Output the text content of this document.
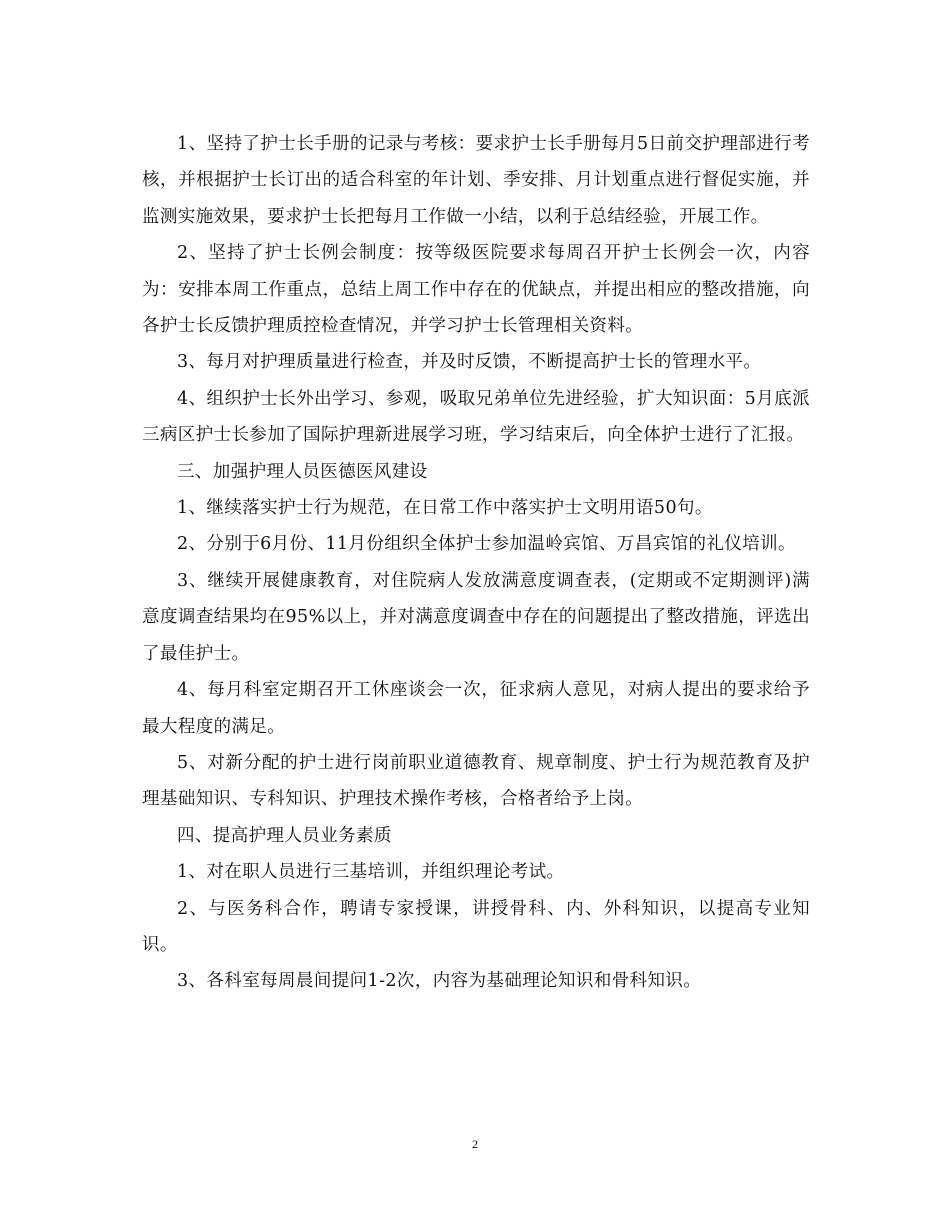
1、坚持了护士长手册的记录与考核：要求护士长手册每月5日前交护理部进行考核，并根据护士长订出的适合科室的年计划、季安排、月计划重点进行督促实施，并监测实施效果，要求护士长把每月工作做一小结，以利于总结经验，开展工作。

2、坚持了护士长例会制度：按等级医院要求每周召开护士长例会一次，内容为：安排本周工作重点，总结上周工作中存在的优缺点，并提出相应的整改措施，向各护士长反馈护理质控检查情况，并学习护士长管理相关资料。

3、每月对护理质量进行检查，并及时反馈，不断提高护士长的管理水平。

4、组织护士长外出学习、参观，吸取兄弟单位先进经验，扩大知识面：5月底派三病区护士长参加了国际护理新进展学习班，学习结束后，向全体护士进行了汇报。

三、加强护理人员医德医风建设

1、继续落实护士行为规范，在日常工作中落实护士文明用语50句。

2、分别于6月份、11月份组织全体护士参加温岭宾馆、万昌宾馆的礼仪培训。

3、继续开展健康教育，对住院病人发放满意度调查表，(定期或不定期测评)满意度调查结果均在95%以上，并对满意度调查中存在的问题提出了整改措施，评选出了最佳护士。

4、每月科室定期召开工休座谈会一次，征求病人意见，对病人提出的要求给予最大程度的满足。

5、对新分配的护士进行岗前职业道德教育、规章制度、护士行为规范教育及护理基础知识、专科知识、护理技术操作考核，合格者给予上岗。

四、提高护理人员业务素质

1、对在职人员进行三基培训，并组织理论考试。

2、与医务科合作，聘请专家授课，讲授骨科、内、外科知识，以提高专业知识。

3、各科室每周晨间提问1-2次，内容为基础理论知识和骨科知识。

2
